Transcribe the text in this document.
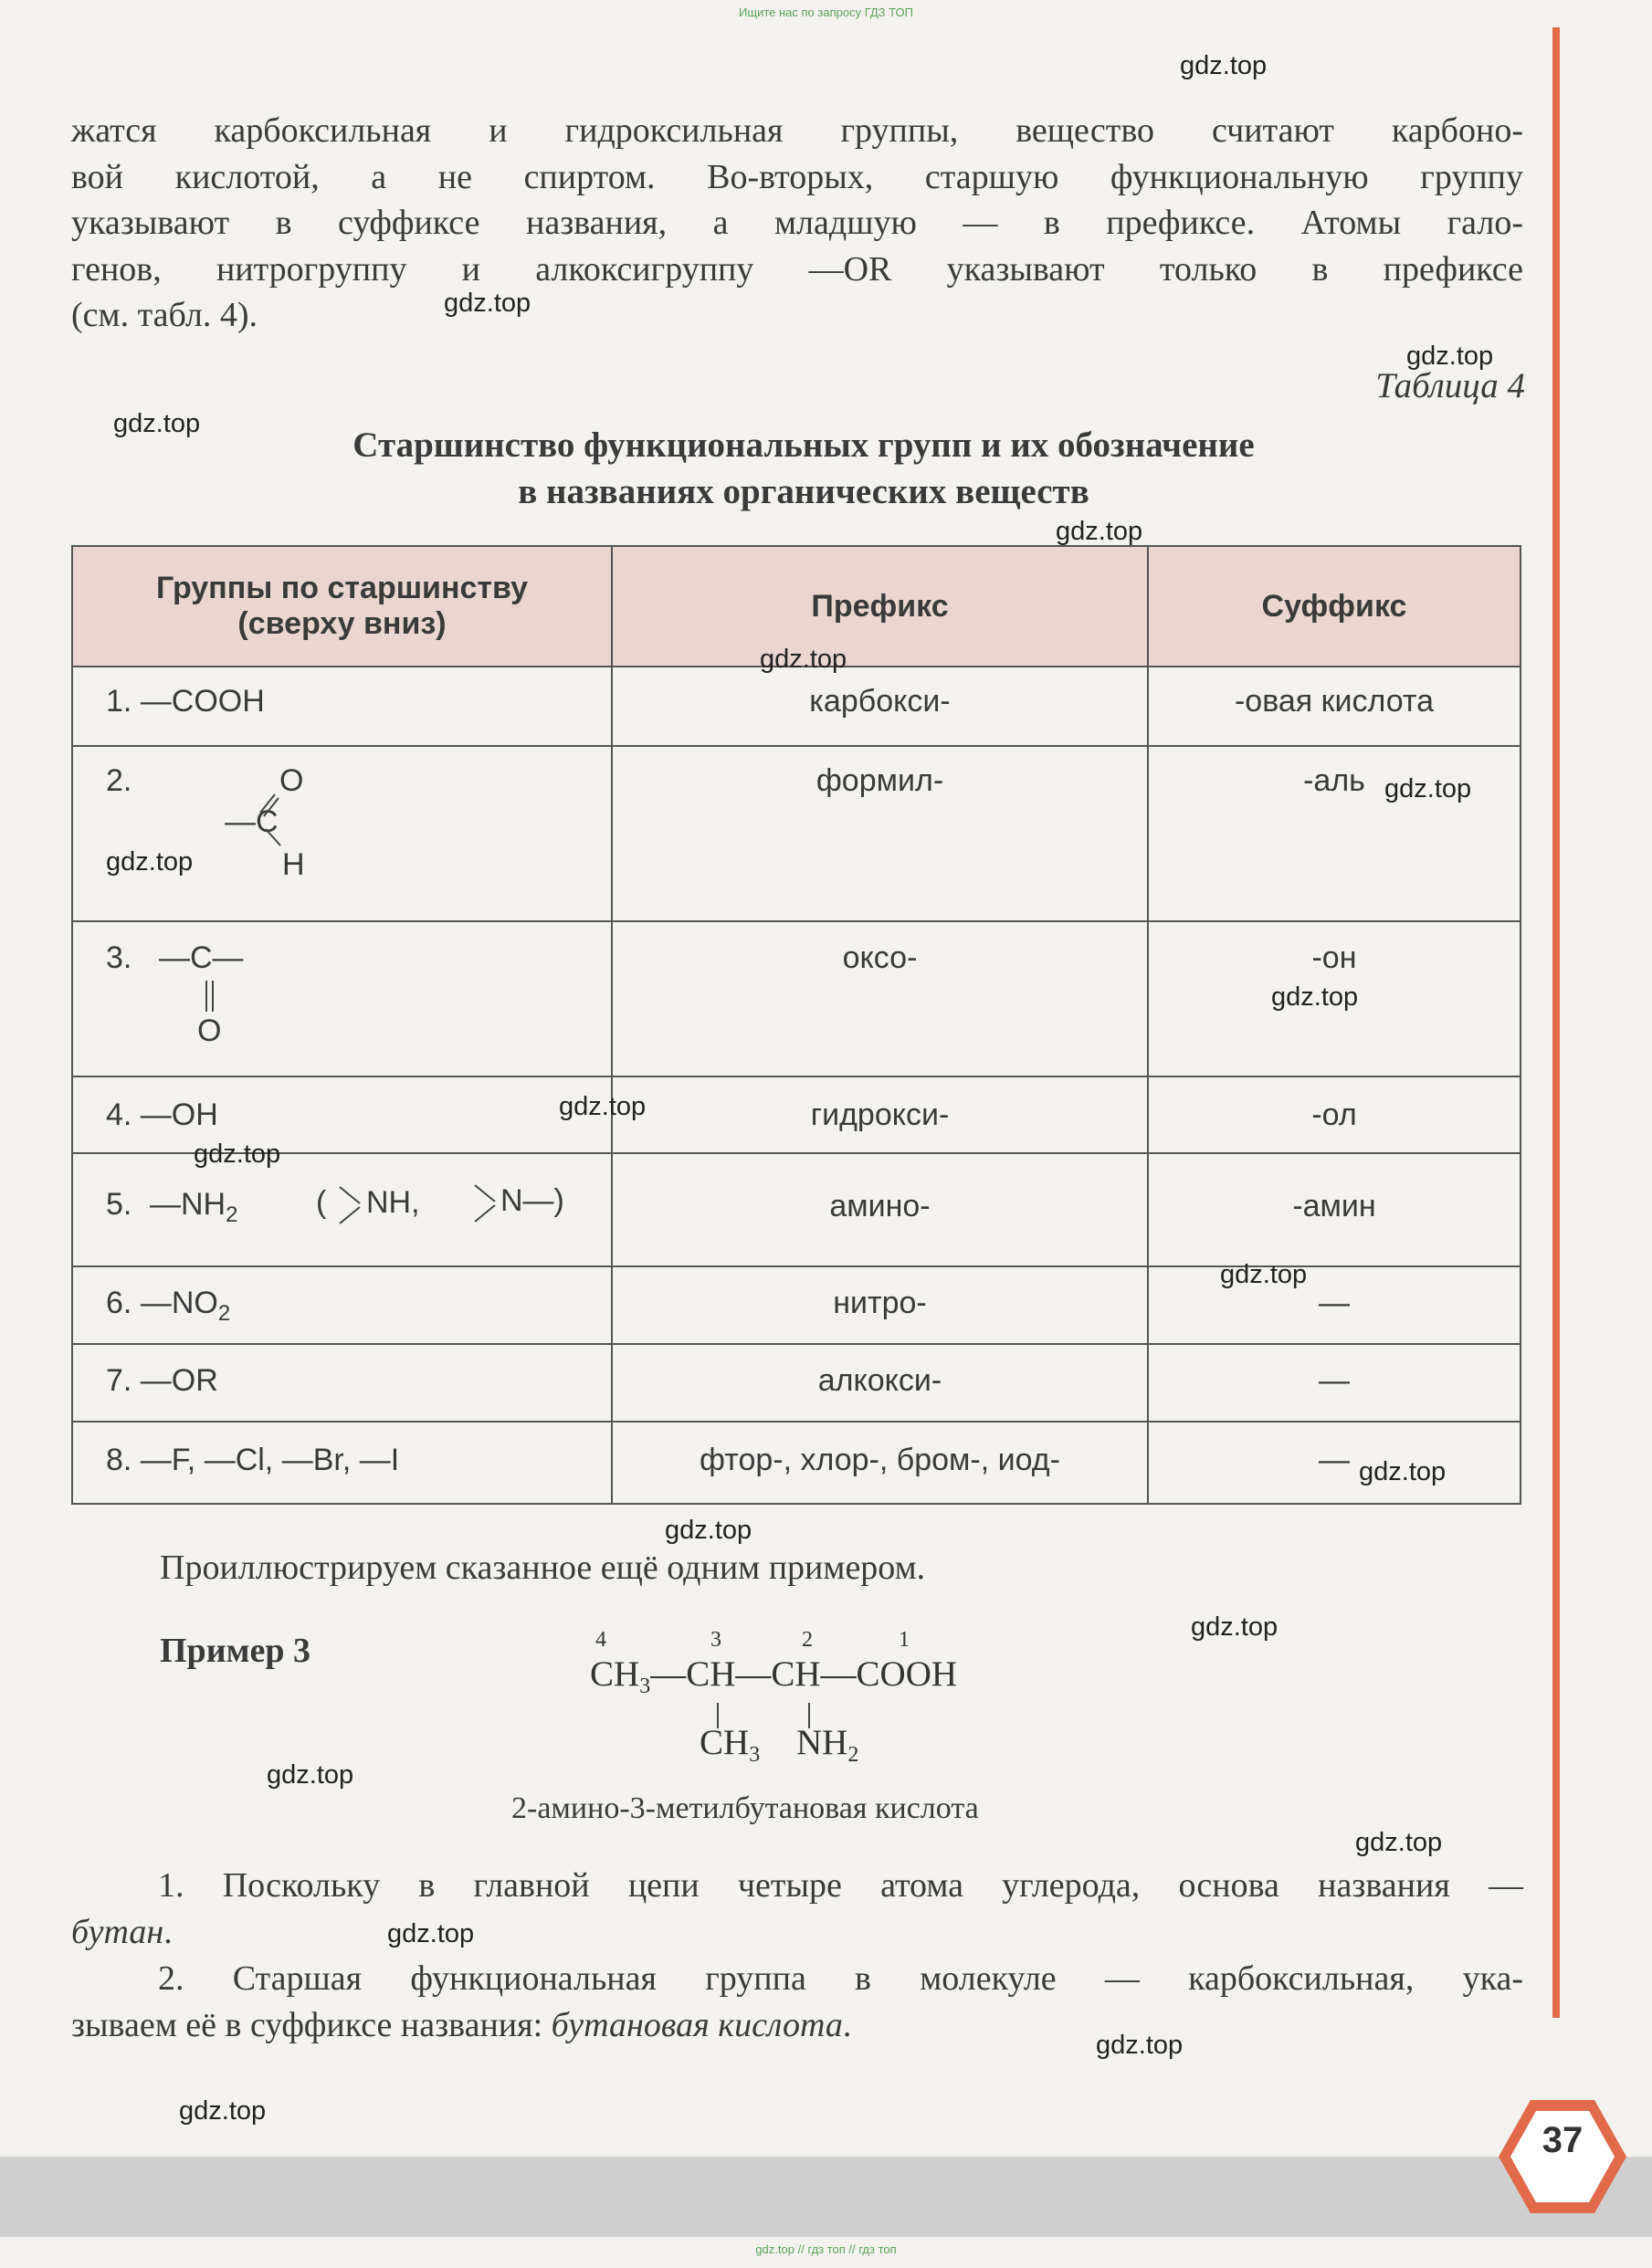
Ищите нас по запросу ГДЗ ТОП
gdz.top // гдз топ // гдз топ
жатся карбоксильная и гидроксильная группы, вещество считают карбоно-
вой кислотой, а не спиртом. Во-вторых, старшую функциональную группу
указывают в суффиксе названия, а младшую — в префиксе. Атомы гало-
генов, нитрогруппу и алкоксигруппу —OR указывают только в префиксе
(см. табл. 4).
Таблица 4
Старшинство функциональных групп и их обозначение
в названиях органических веществ
Группы по старшинству
(сверху вниз)	Префикс	Суффикс

1. —COOH	карбокси-	-овая кислота

2. O
—C
H	формил-	-аль

3. —C—
O	оксо-	-он

4. —OH	гидрокси-	-ол

5. $—NH_2$ ( NH, N—)	амино-	-амин

6. $—NO_2$	нитро-	—

7. —OR	алкокси-	—

8. —F, —Cl, —Br, —I	фтор-, хлор-, бром-, иод-	—
Проиллюстрируем сказанное ещё одним примером.
Пример 3	4	3	2	1
$CH_3—CH—CH—COOH$
$CH_3$ $NH_2$
2-амино-3-метилбутановая кислота
1. Поскольку в главной цепи четыре атома углерода, основа названия —
бутан.
2. Старшая функциональная группа в молекуле — карбоксильная, ука-
зываем её в суффиксе названия: бутановая кислота.
37
gdz.top
gdz.top
gdz.top
gdz.top
gdz.top
gdz.top
gdz.top
gdz.top
gdz.top
gdz.top
gdz.top
gdz.top
gdz.top
gdz.top
gdz.top
gdz.top
gdz.top
gdz.top
gdz.top
gdz.top
